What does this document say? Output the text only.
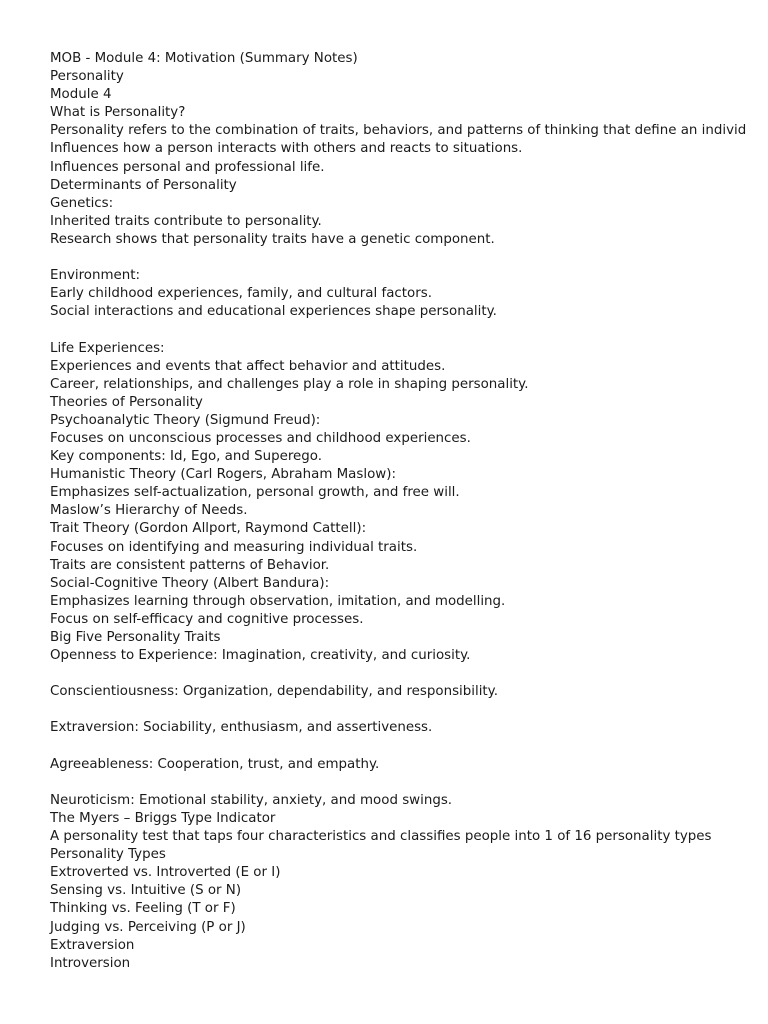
MOB - Module 4: Motivation (Summary Notes)
Personality
Module 4
What is Personality?
Personality refers to the combination of traits, behaviors, and patterns of thinking that define an individ
Influences how a person interacts with others and reacts to situations.
Influences personal and professional life.
Determinants of Personality
Genetics:
Inherited traits contribute to personality.
Research shows that personality traits have a genetic component.
Environment:
Early childhood experiences, family, and cultural factors.
Social interactions and educational experiences shape personality.
Life Experiences:
Experiences and events that affect behavior and attitudes.
Career, relationships, and challenges play a role in shaping personality.
Theories of Personality
Psychoanalytic Theory (Sigmund Freud):
Focuses on unconscious processes and childhood experiences.
Key components: Id, Ego, and Superego.
Humanistic Theory (Carl Rogers, Abraham Maslow):
Emphasizes self-actualization, personal growth, and free will.
Maslow’s Hierarchy of Needs.
Trait Theory (Gordon Allport, Raymond Cattell):
Focuses on identifying and measuring individual traits.
Traits are consistent patterns of Behavior.
Social-Cognitive Theory (Albert Bandura):
Emphasizes learning through observation, imitation, and modelling.
Focus on self-efficacy and cognitive processes.
Big Five Personality Traits
Openness to Experience: Imagination, creativity, and curiosity.
Conscientiousness: Organization, dependability, and responsibility.
Extraversion: Sociability, enthusiasm, and assertiveness.
Agreeableness: Cooperation, trust, and empathy.
Neuroticism: Emotional stability, anxiety, and mood swings.
The Myers – Briggs Type Indicator
A personality test that taps four characteristics and classifies people into 1 of 16 personality types
Personality Types
Extroverted vs. Introverted (E or I)
Sensing vs. Intuitive (S or N)
Thinking vs. Feeling (T or F)
Judging vs. Perceiving (P or J)
Extraversion
Introversion
